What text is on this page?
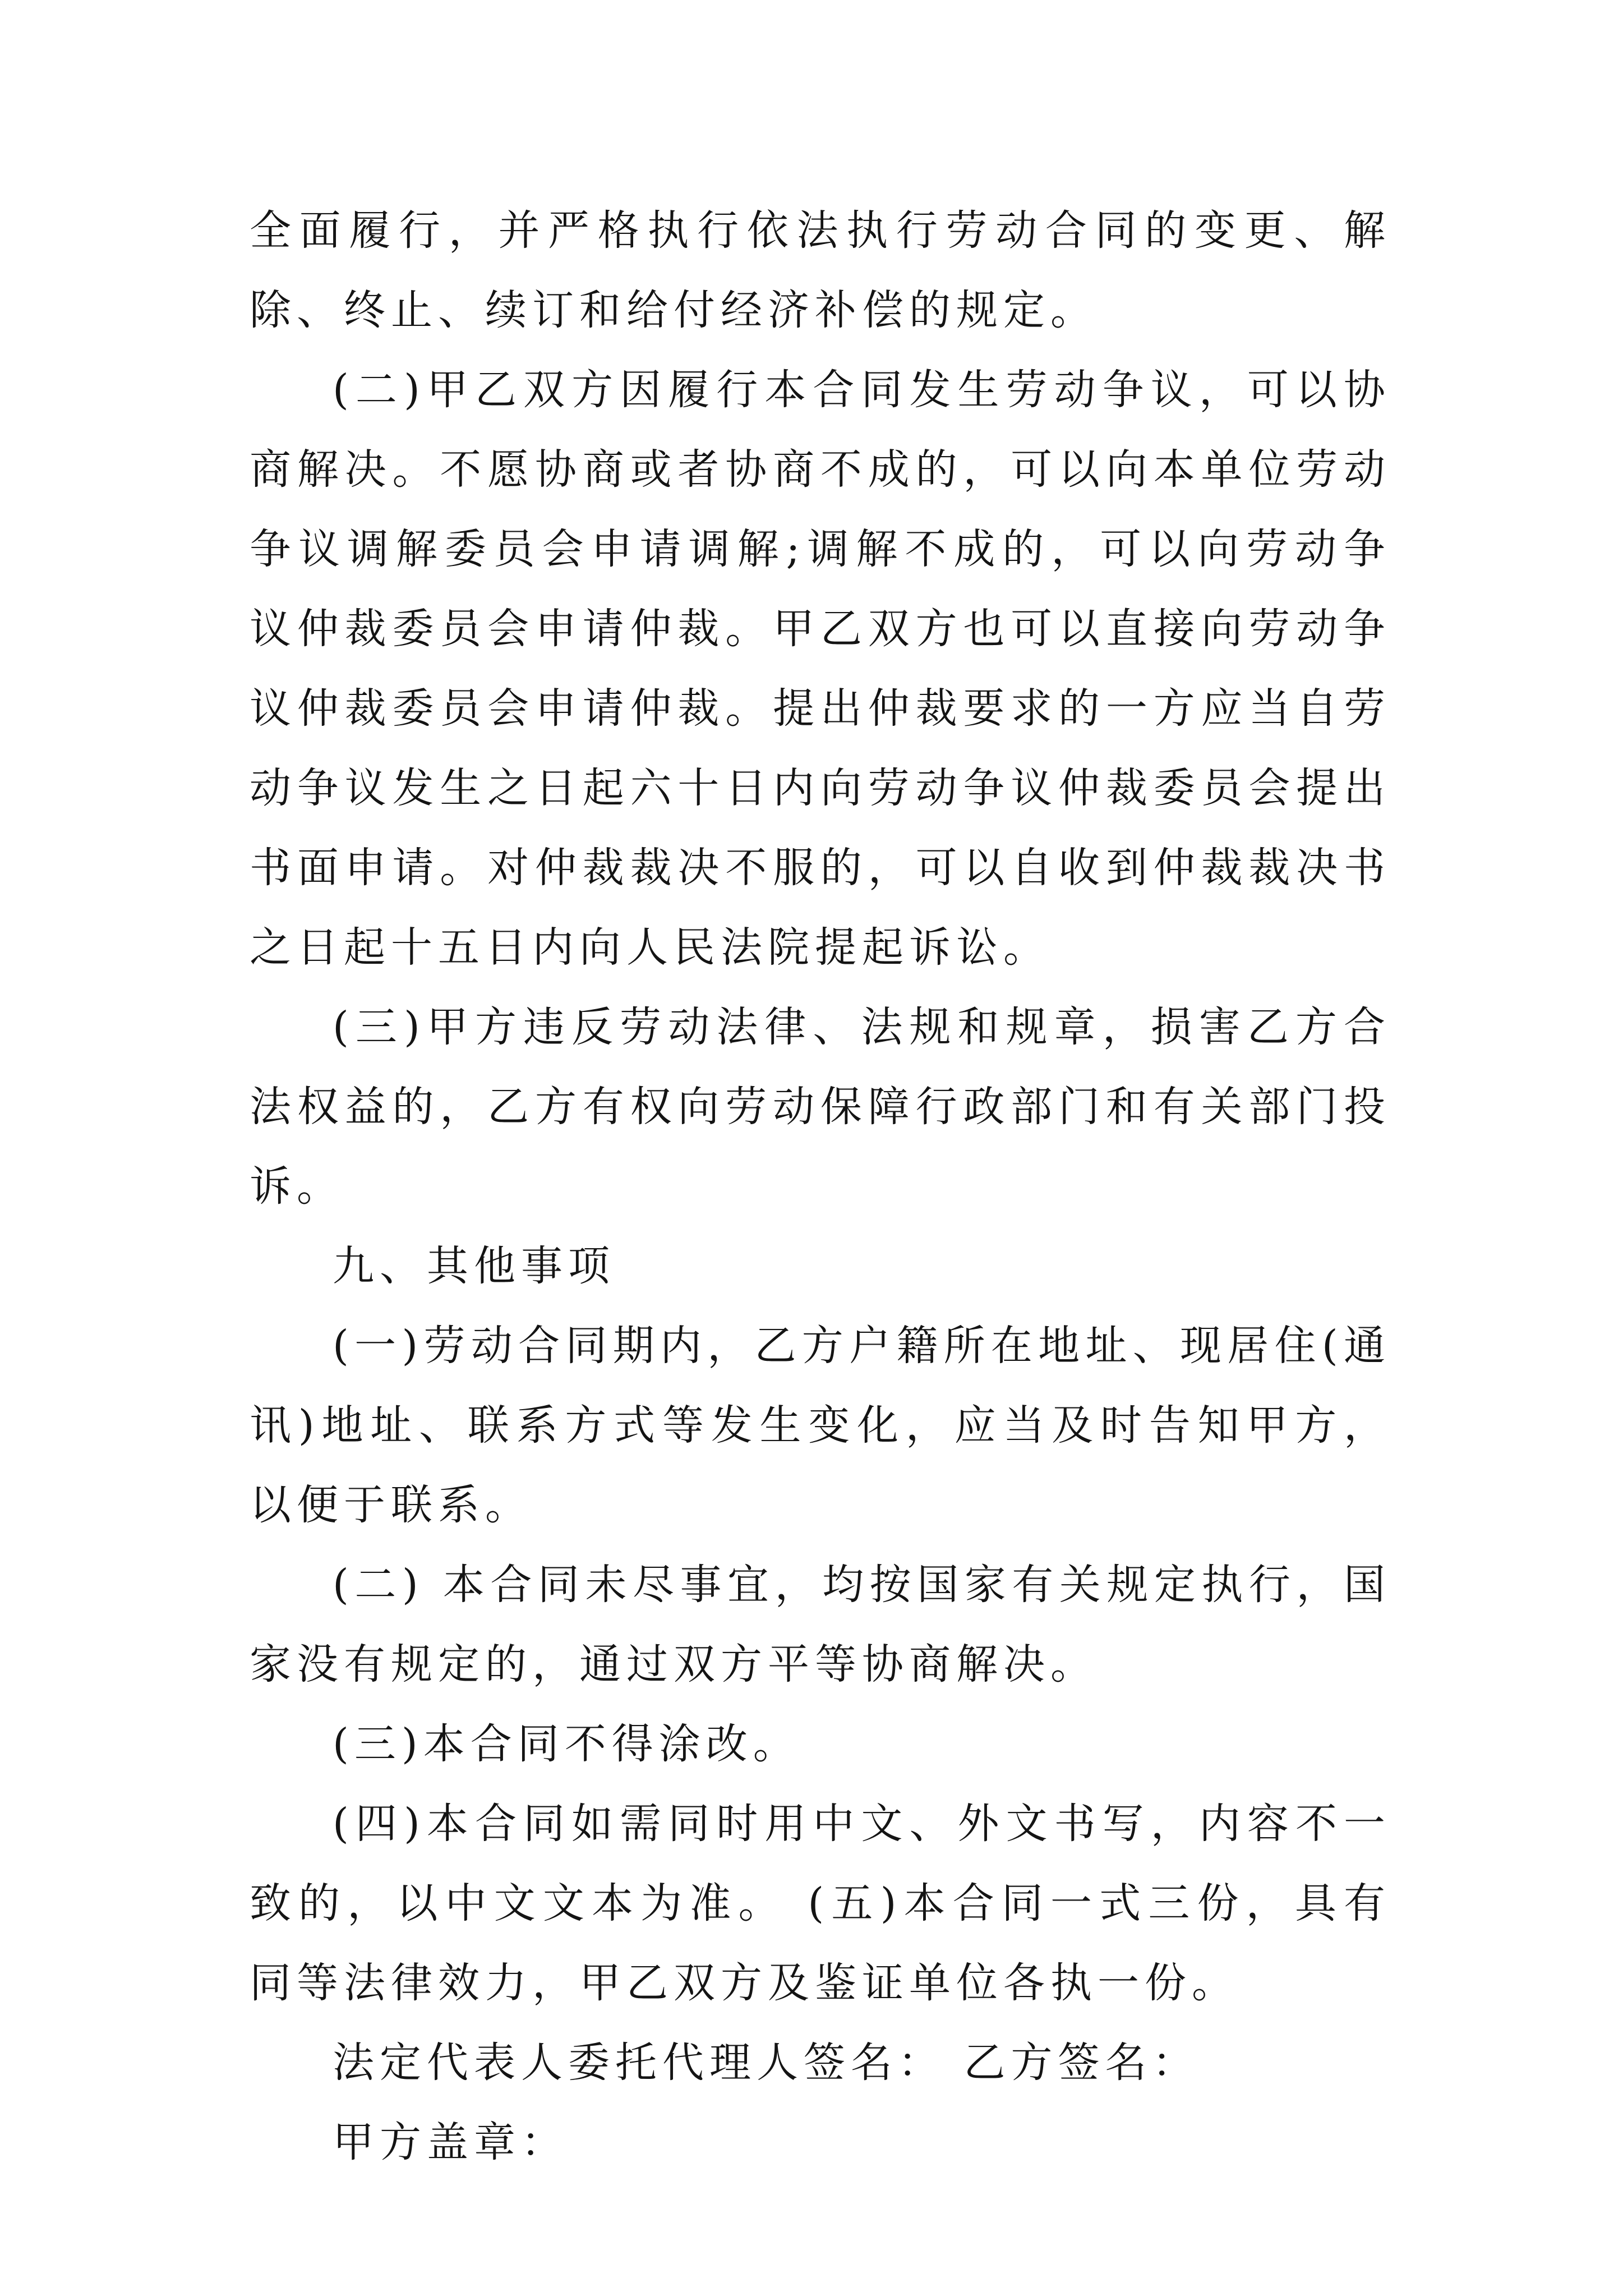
全面履行，并严格执行依法执行劳动合同的变更、解除、终止、续订和给付经济补偿的规定。

(二)甲乙双方因履行本合同发生劳动争议，可以协商解决。不愿协商或者协商不成的，可以向本单位劳动争议调解委员会申请调解;调解不成的，可以向劳动争议仲裁委员会申请仲裁。甲乙双方也可以直接向劳动争议仲裁委员会申请仲裁。提出仲裁要求的一方应当自劳动争议发生之日起六十日内向劳动争议仲裁委员会提出书面申请。对仲裁裁决不服的，可以自收到仲裁裁决书之日起十五日内向人民法院提起诉讼。

(三)甲方违反劳动法律、法规和规章，损害乙方合法权益的，乙方有权向劳动保障行政部门和有关部门投诉。

九、其他事项

(一)劳动合同期内，乙方户籍所在地址、现居住(通讯)地址、联系方式等发生变化，应当及时告知甲方，以便于联系。

(二) 本合同未尽事宜，均按国家有关规定执行，国家没有规定的，通过双方平等协商解决。

(三)本合同不得涂改。

(四)本合同如需同时用中文、外文书写，内容不一致的，以中文文本为准。 (五)本合同一式三份，具有同等法律效力，甲乙双方及鉴证单位各执一份。

法定代表人委托代理人签名： 乙方签名：

甲方盖章：
